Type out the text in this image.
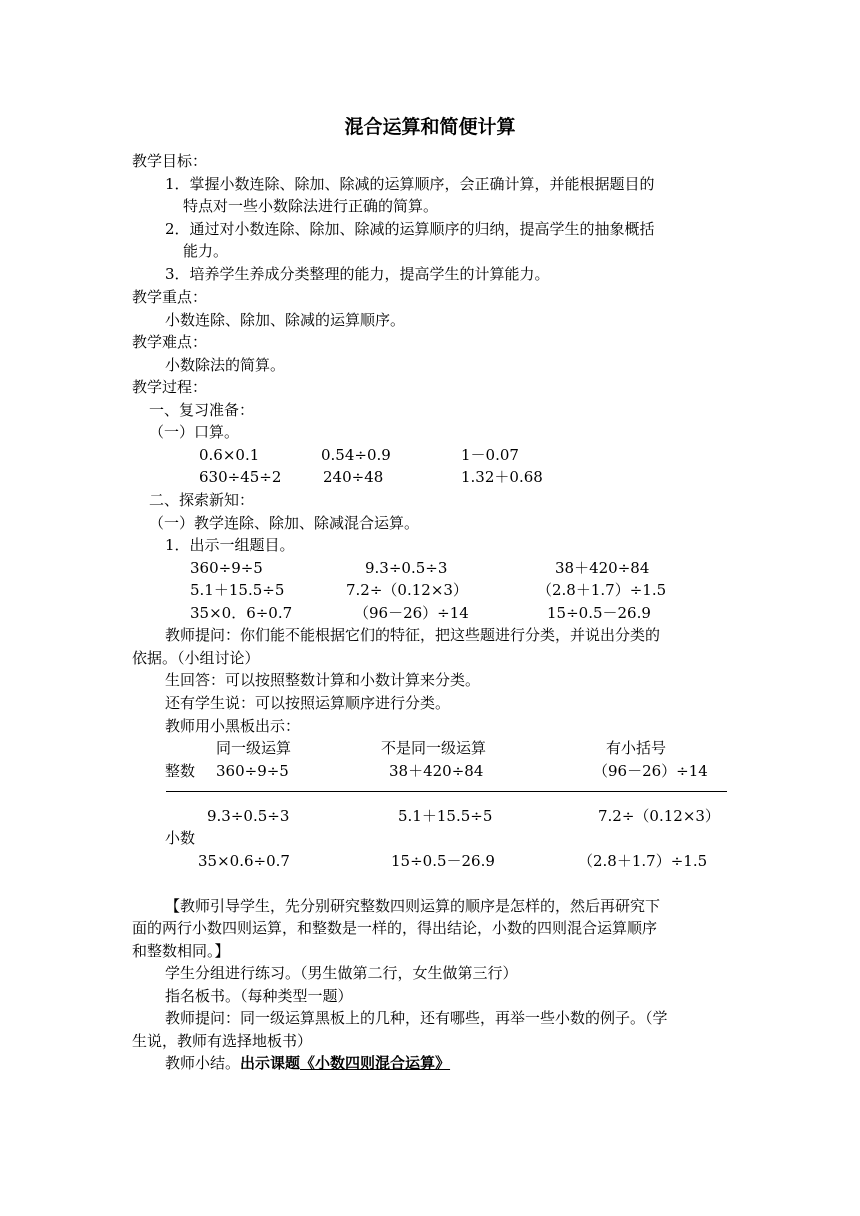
混合运算和简便计算
教学目标：
1．掌握小数连除、除加、除减的运算顺序，会正确计算，并能根据题目的
特点对一些小数除法进行正确的简算。
2．通过对小数连除、除加、除减的运算顺序的归纳，提高学生的抽象概括
能力。
3．培养学生养成分类整理的能力，提高学生的计算能力。
教学重点：
小数连除、除加、除减的运算顺序。
教学难点：
小数除法的简算。
教学过程：
一、复习准备：
（一）口算。
0.6×0.1	0.54÷0.9	1－0.07
630÷45÷2	240÷48	1.32＋0.68
二、探索新知：
（一）教学连除、除加、除减混合运算。
1．出示一组题目。
360÷9÷5	9.3÷0.5÷3	38＋420÷84
5.1＋15.5÷5	7.2÷（0.12×3）	（2.8＋1.7）÷1.5
35×0．6÷0.7	（96－26）÷14	15÷0.5－26.9
教师提问：你们能不能根据它们的特征，把这些题进行分类，并说出分类的
依据。（小组讨论）
生回答：可以按照整数计算和小数计算来分类。
还有学生说：可以按照运算顺序进行分类。
教师用小黑板出示：
同一级运算	不是同一级运算	有小括号
整数 360÷9÷5	38＋420÷84	（96－26）÷14
9.3÷0.5÷3	5.1＋15.5÷5	7.2÷（0.12×3）
小数
35×0.6÷0.7	15÷0.5－26.9	（2.8＋1.7）÷1.5
【教师引导学生，先分别研究整数四则运算的顺序是怎样的，然后再研究下
面的两行小数四则运算，和整数是一样的，得出结论，小数的四则混合运算顺序
和整数相同。】
学生分组进行练习。（男生做第二行，女生做第三行）
指名板书。（每种类型一题）
教师提问：同一级运算黑板上的几种，还有哪些，再举一些小数的例子。（学
生说，教师有选择地板书）
教师小结。出示课题《小数四则混合运算》
